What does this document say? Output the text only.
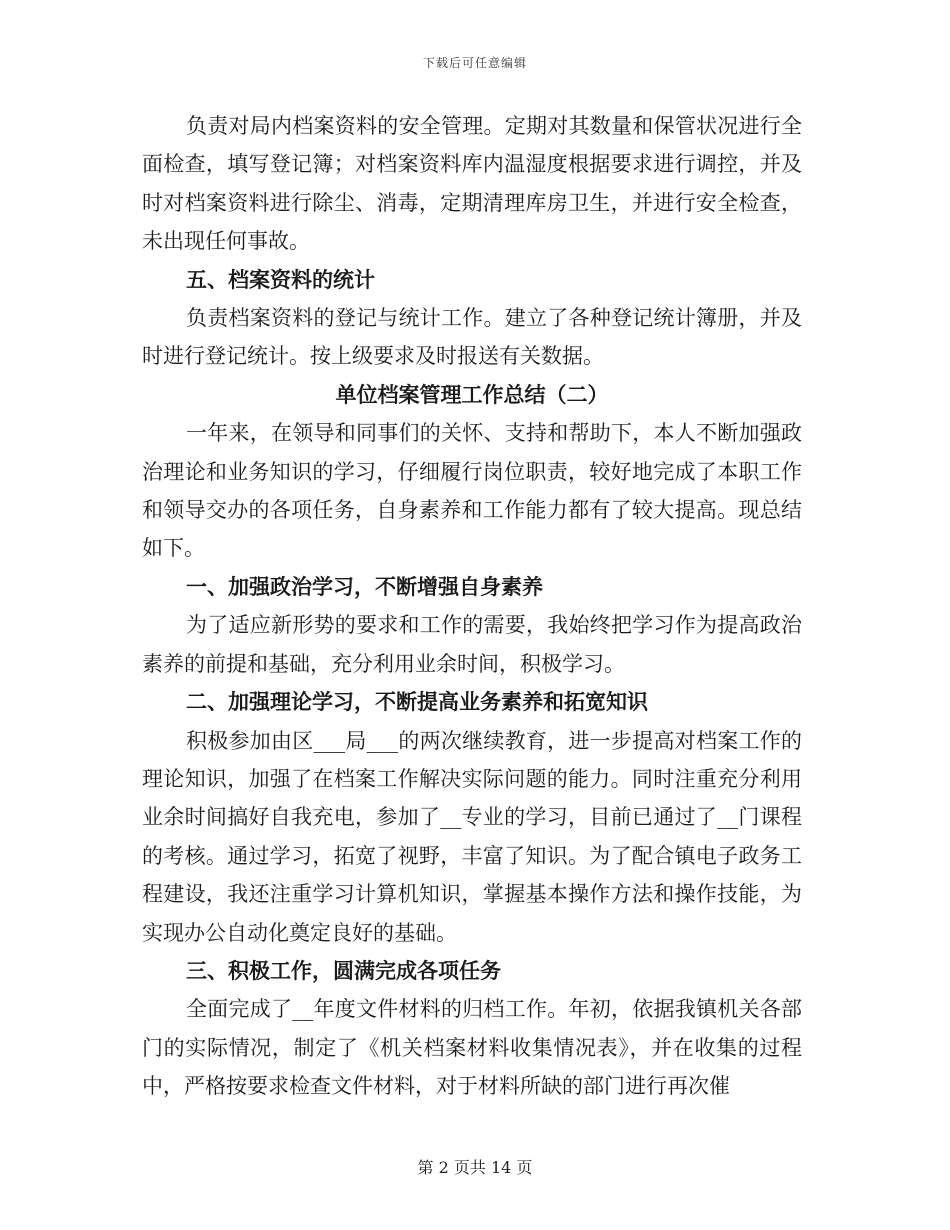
下载后可任意编辑

负责对局内档案资料的安全管理。定期对其数量和保管状况进行全面检查，填写登记簿；对档案资料库内温湿度根据要求进行调控，并及时对档案资料进行除尘、消毒，定期清理库房卫生，并进行安全检查，未出现任何事故。

五、档案资料的统计

负责档案资料的登记与统计工作。建立了各种登记统计簿册，并及时进行登记统计。按上级要求及时报送有关数据。

单位档案管理工作总结（二）

一年来，在领导和同事们的关怀、支持和帮助下，本人不断加强政治理论和业务知识的学习，仔细履行岗位职责，较好地完成了本职工作和领导交办的各项任务，自身素养和工作能力都有了较大提高。现总结如下。

一、加强政治学习，不断增强自身素养

为了适应新形势的要求和工作的需要，我始终把学习作为提高政治素养的前提和基础，充分利用业余时间，积极学习。

二、加强理论学习，不断提高业务素养和拓宽知识

积极参加由区___局___的两次继续教育，进一步提高对档案工作的理论知识，加强了在档案工作解决实际问题的能力。同时注重充分利用业余时间搞好自我充电，参加了__专业的学习，目前已通过了__门课程的考核。通过学习，拓宽了视野，丰富了知识。为了配合镇电子政务工程建设，我还注重学习计算机知识，掌握基本操作方法和操作技能，为实现办公自动化奠定良好的基础。

三、积极工作，圆满完成各项任务

全面完成了__年度文件材料的归档工作。年初，依据我镇机关各部门的实际情况，制定了《机关档案材料收集情况表》，并在收集的过程中，严格按要求检查文件材料，对于材料所缺的部门进行再次催

第 2 页共 14 页
